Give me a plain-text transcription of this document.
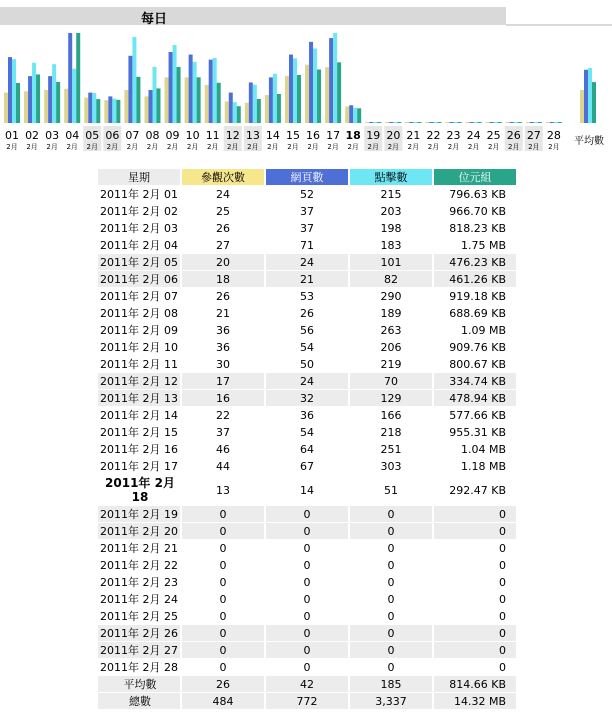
每日
01
2月
02
2月
03
2月
04
2月
05
2月
06
2月
07
2月
08
2月
09
2月
10
2月
11
2月
12
2月
13
2月
14
2月
15
2月
16
2月
17
2月
18
2月
19
2月
20
2月
21
2月
22
2月
23
2月
24
2月
25
2月
26
2月
27
2月
28
2月 平均數
星期	參觀次數	網頁數	點擊數	位元組
2011年 2月 01	24	52	215	796.63 KB
2011年 2月 02	25	37	203	966.70 KB
2011年 2月 03	26	37	198	818.23 KB
2011年 2月 04	27	71	183	1.75 MB
2011年 2月 05	20	24	101	476.23 KB
2011年 2月 06	18	21	82	461.26 KB
2011年 2月 07	26	53	290	919.18 KB
2011年 2月 08	21	26	189	688.69 KB
2011年 2月 09	36	56	263	1.09 MB
2011年 2月 10	36	54	206	909.76 KB
2011年 2月 11	30	50	219	800.67 KB
2011年 2月 12	17	24	70	334.74 KB
2011年 2月 13	16	32	129	478.94 KB
2011年 2月 14	22	36	166	577.66 KB
2011年 2月 15	37	54	218	955.31 KB
2011年 2月 16	46	64	251	1.04 MB
2011年 2月 17	44	67	303	1.18 MB
2011年 2月 18	13	14	51	292.47 KB
2011年 2月 19	0	0	0	0
2011年 2月 20	0	0	0	0
2011年 2月 21	0	0	0	0
2011年 2月 22	0	0	0	0
2011年 2月 23	0	0	0	0
2011年 2月 24	0	0	0	0
2011年 2月 25	0	0	0	0
2011年 2月 26	0	0	0	0
2011年 2月 27	0	0	0	0
2011年 2月 28	0	0	0	0
平均數	26	42	185	814.66 KB
總數	484	772	3,337	14.32 MB
